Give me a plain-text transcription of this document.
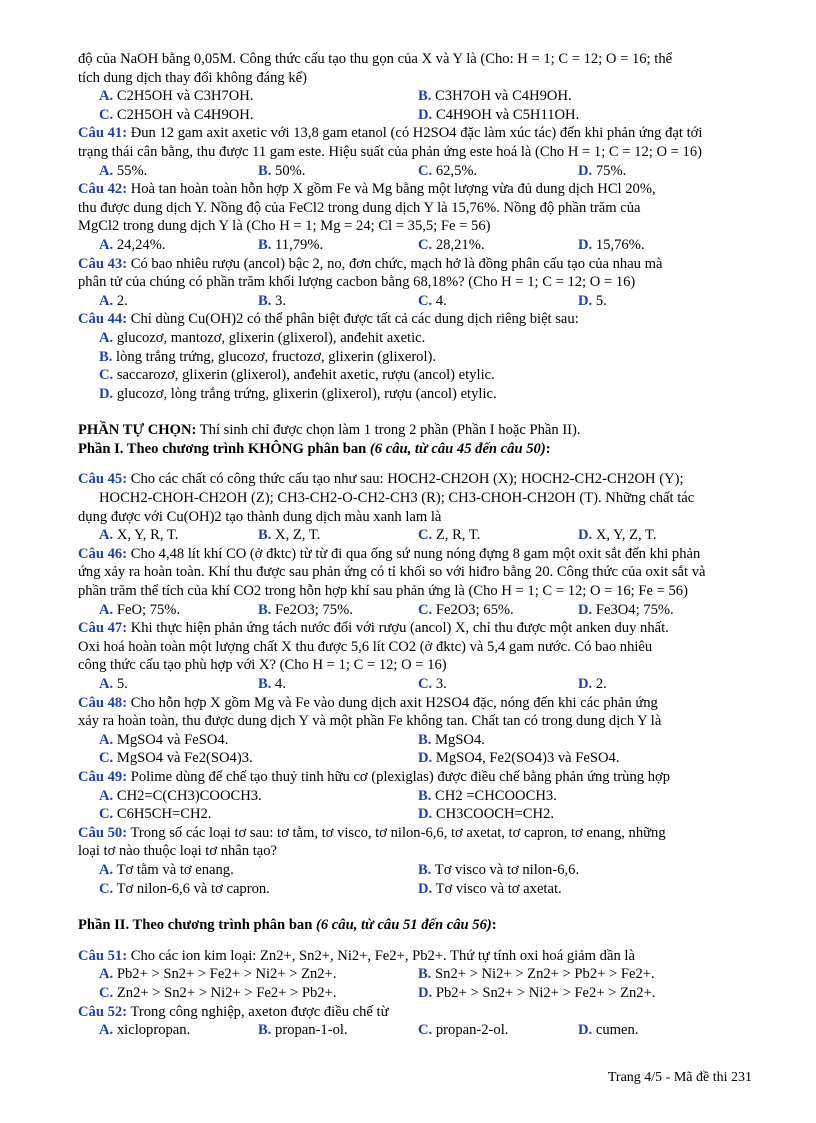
độ của NaOH bằng 0,05M. Công thức cấu tạo thu gọn của X và Y là (Cho: H = 1; C = 12; O = 16; thể
tích dung dịch thay đổi không đáng kể)
A. C2H5OH và C3H7OH.	B. C3H7OH và C4H9OH.
C. C2H5OH và C4H9OH.	D. C4H9OH và C5H11OH.
Câu 41: Đun 12 gam axit axetic với 13,8 gam etanol (có H2SO4 đặc làm xúc tác) đến khi phản ứng đạt tới
trạng thái cân bằng, thu được 11 gam este. Hiệu suất của phản ứng este hoá là (Cho H = 1; C = 12; O = 16)
A. 55%.	B. 50%.	C. 62,5%.	D. 75%.
Câu 42: Hoà tan hoàn toàn hỗn hợp X gồm Fe và Mg bằng một lượng vừa đủ dung dịch HCl 20%,
thu được dung dịch Y. Nồng độ của FeCl2 trong dung dịch Y là 15,76%. Nồng độ phần trăm của
MgCl2 trong dung dịch Y là (Cho H = 1; Mg = 24; Cl = 35,5; Fe = 56)
A. 24,24%.	B. 11,79%.	C. 28,21%.	D. 15,76%.
Câu 43: Có bao nhiêu rượu (ancol) bậc 2, no, đơn chức, mạch hở là đồng phân cấu tạo của nhau mà
phân tử của chúng có phần trăm khối lượng cacbon bằng 68,18%? (Cho H = 1; C = 12; O = 16)
A. 2.	B. 3.	C. 4.	D. 5.
Câu 44: Chỉ dùng Cu(OH)2 có thể phân biệt được tất cả các dung dịch riêng biệt sau:
A. glucozơ, mantozơ, glixerin (glixerol), anđehit axetic.
B. lòng trắng trứng, glucozơ, fructozơ, glixerin (glixerol).
C. saccarozơ, glixerin (glixerol), anđehit axetic, rượu (ancol) etylic.
D. glucozơ, lòng trắng trứng, glixerin (glixerol), rượu (ancol) etylic.
PHẦN TỰ CHỌN: Thí sinh chỉ được chọn làm 1 trong 2 phần (Phần I hoặc Phần II).
Phần I. Theo chương trình KHÔNG phân ban (6 câu, từ câu 45 đến câu 50):
Câu 45: Cho các chất có công thức cấu tạo như sau: HOCH2-CH2OH (X); HOCH2-CH2-CH2OH (Y);
HOCH2-CHOH-CH2OH (Z); CH3-CH2-O-CH2-CH3 (R); CH3-CHOH-CH2OH (T). Những chất tác
dụng được với Cu(OH)2 tạo thành dung dịch màu xanh lam là
A. X, Y, R, T.	B. X, Z, T.	C. Z, R, T.	D. X, Y, Z, T.
Câu 46: Cho 4,48 lít khí CO (ở đktc) từ từ đi qua ống sứ nung nóng đựng 8 gam một oxit sắt đến khi phản
ứng xảy ra hoàn toàn. Khí thu được sau phản ứng có tỉ khối so với hiđro bằng 20. Công thức của oxit sắt và
phần trăm thể tích của khí CO2 trong hỗn hợp khí sau phản ứng là (Cho H = 1; C = 12; O = 16; Fe = 56)
A. FeO; 75%.	B. Fe2O3; 75%.	C. Fe2O3; 65%.	D. Fe3O4; 75%.
Câu 47: Khi thực hiện phản ứng tách nước đối với rượu (ancol) X, chỉ thu được một anken duy nhất.
Oxi hoá hoàn toàn một lượng chất X thu được 5,6 lít CO2 (ở đktc) và 5,4 gam nước. Có bao nhiêu
công thức cấu tạo phù hợp với X? (Cho H = 1; C = 12; O = 16)
A. 5.	B. 4.	C. 3.	D. 2.
Câu 48: Cho hỗn hợp X gồm Mg và Fe vào dung dịch axit H2SO4 đặc, nóng đến khi các phản ứng
xảy ra hoàn toàn, thu được dung dịch Y và một phần Fe không tan. Chất tan có trong dung dịch Y là
A. MgSO4 và FeSO4.	B. MgSO4.
C. MgSO4 và Fe2(SO4)3.	D. MgSO4, Fe2(SO4)3 và FeSO4.
Câu 49: Polime dùng để chế tạo thuỷ tinh hữu cơ (plexiglas) được điều chế bằng phản ứng trùng hợp
A. CH2=C(CH3)COOCH3.	B. CH2 =CHCOOCH3.
C. C6H5CH=CH2.	D. CH3COOCH=CH2.
Câu 50: Trong số các loại tơ sau: tơ tằm, tơ visco, tơ nilon-6,6, tơ axetat, tơ capron, tơ enang, những
loại tơ nào thuộc loại tơ nhân tạo?
A. Tơ tằm và tơ enang.	B. Tơ visco và tơ nilon-6,6.
C. Tơ nilon-6,6 và tơ capron.	D. Tơ visco và tơ axetat.
Phần II. Theo chương trình phân ban (6 câu, từ câu 51 đến câu 56):
Câu 51: Cho các ion kim loại: Zn2+, Sn2+, Ni2+, Fe2+, Pb2+. Thứ tự tính oxi hoá giảm dần là
A. Pb2+ > Sn2+ > Fe2+ > Ni2+ > Zn2+.	B. Sn2+ > Ni2+ > Zn2+ > Pb2+ > Fe2+.
C. Zn2+ > Sn2+ > Ni2+ > Fe2+ > Pb2+.	D. Pb2+ > Sn2+ > Ni2+ > Fe2+ > Zn2+.
Câu 52: Trong công nghiệp, axeton được điều chế từ
A. xiclopropan.	B. propan-1-ol.	C. propan-2-ol.	D. cumen.
Trang 4/5 - Mã đề thi 231
